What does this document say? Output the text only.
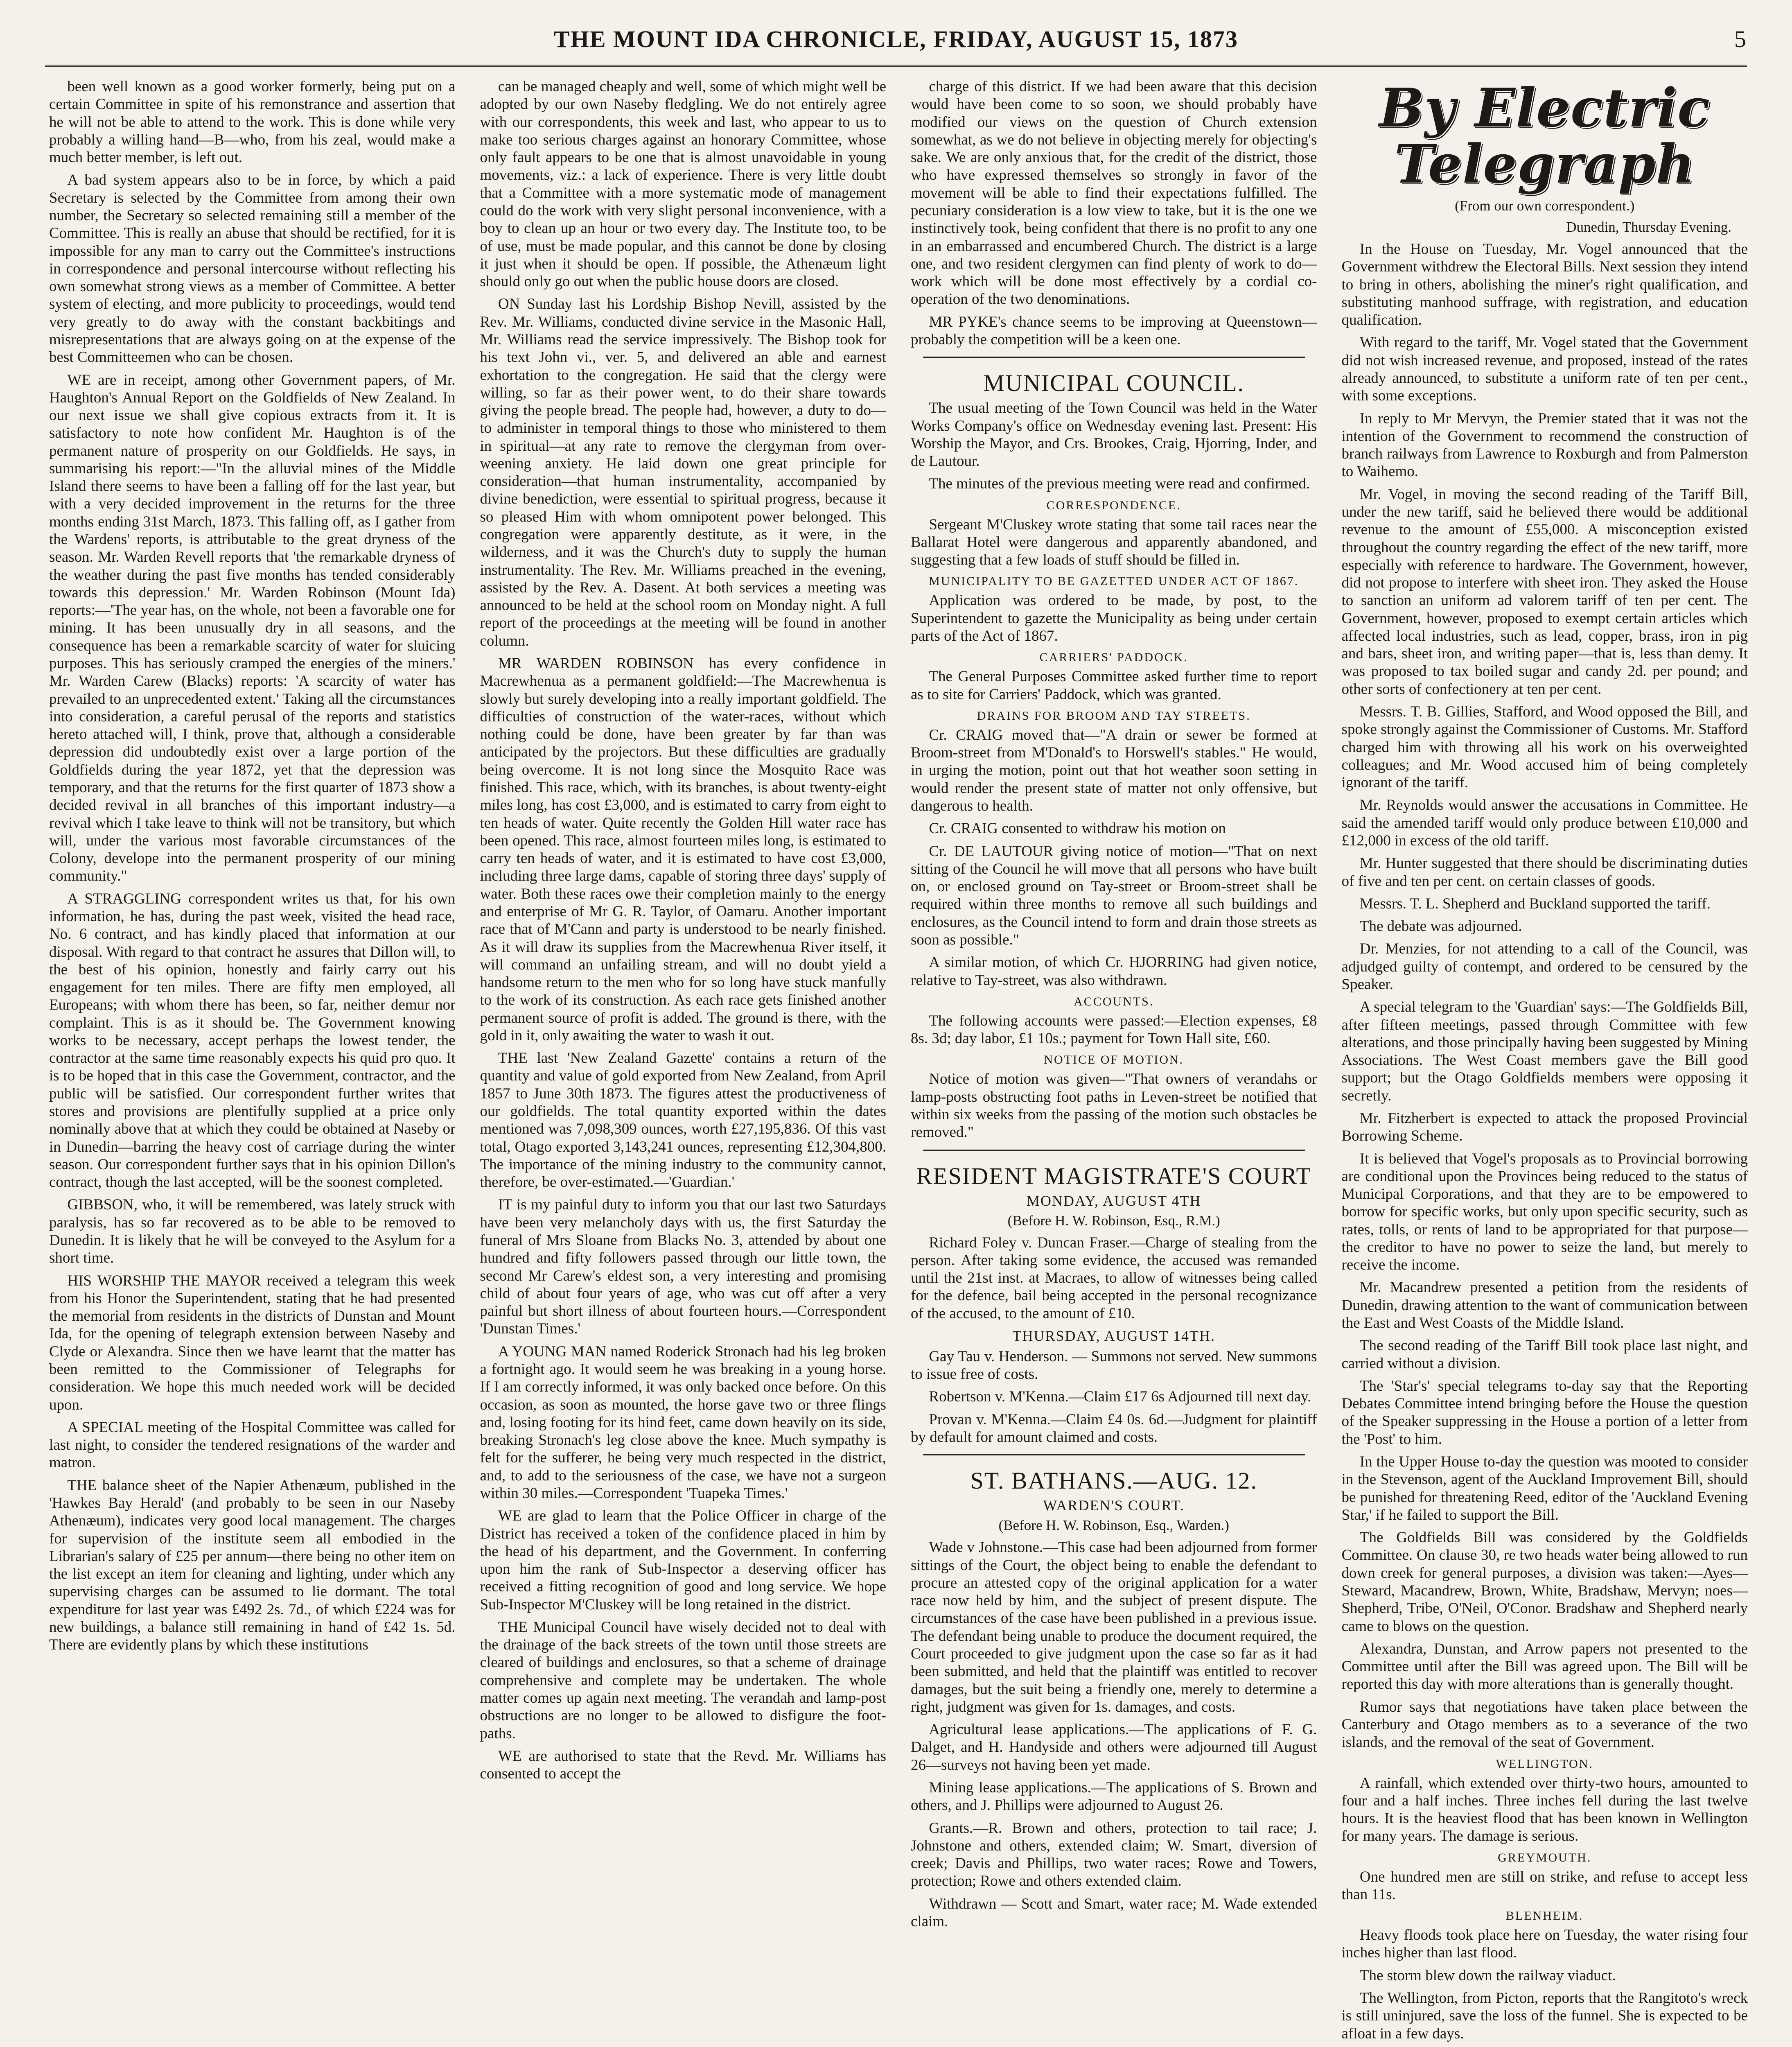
THE MOUNT IDA CHRONICLE, FRIDAY, AUGUST 15, 1873	5

been well known as a good worker formerly, being put on a certain Committee in spite of his remonstrance and assertion that he will not be able to attend to the work. This is done while very probably a willing hand—B—who, from his zeal, would make a much better member, is left out.

A bad system appears also to be in force, by which a paid Secretary is selected by the Committee from among their own number, the Secretary so selected remaining still a member of the Committee. This is really an abuse that should be rectified, for it is impossible for any man to carry out the Committee's instructions in correspondence and personal intercourse without reflecting his own somewhat strong views as a member of Committee. A better system of electing, and more publicity to proceedings, would tend very greatly to do away with the constant backbitings and misrepresentations that are always going on at the expense of the best Committeemen who can be chosen.

WE are in receipt, among other Government papers, of Mr. Haughton's Annual Report on the Goldfields of New Zealand. In our next issue we shall give copious extracts from it. It is satisfactory to note how confident Mr. Haughton is of the permanent nature of prosperity on our Goldfields. He says, in summarising his report:—"In the alluvial mines of the Middle Island there seems to have been a falling off for the last year, but with a very decided improvement in the returns for the three months ending 31st March, 1873. This falling off, as I gather from the Wardens' reports, is attributable to the great dryness of the season. Mr. Warden Revell reports that 'the remarkable dryness of the weather during the past five months has tended considerably towards this depression.' Mr. Warden Robinson (Mount Ida) reports:—'The year has, on the whole, not been a favorable one for mining. It has been unusually dry in all seasons, and the consequence has been a remarkable scarcity of water for sluicing purposes. This has seriously cramped the energies of the miners.' Mr. Warden Carew (Blacks) reports: 'A scarcity of water has prevailed to an unprecedented extent.' Taking all the circumstances into consideration, a careful perusal of the reports and statistics hereto attached will, I think, prove that, although a considerable depression did undoubtedly exist over a large portion of the Goldfields during the year 1872, yet that the depression was temporary, and that the returns for the first quarter of 1873 show a decided revival in all branches of this important industry—a revival which I take leave to think will not be transitory, but which will, under the various most favorable circumstances of the Colony, develope into the permanent prosperity of our mining community."

A STRAGGLING correspondent writes us that, for his own information, he has, during the past week, visited the head race, No. 6 contract, and has kindly placed that information at our disposal. With regard to that contract he assures that Dillon will, to the best of his opinion, honestly and fairly carry out his engagement for ten miles. There are fifty men employed, all Europeans; with whom there has been, so far, neither demur nor complaint. This is as it should be. The Government knowing works to be necessary, accept perhaps the lowest tender, the contractor at the same time reasonably expects his quid pro quo. It is to be hoped that in this case the Government, contractor, and the public will be satisfied. Our correspondent further writes that stores and provisions are plentifully supplied at a price only nominally above that at which they could be obtained at Naseby or in Dunedin—barring the heavy cost of carriage during the winter season. Our correspondent further says that in his opinion Dillon's contract, though the last accepted, will be the soonest completed.

GIBBSON, who, it will be remembered, was lately struck with paralysis, has so far recovered as to be able to be removed to Dunedin. It is likely that he will be conveyed to the Asylum for a short time.

HIS WORSHIP THE MAYOR received a telegram this week from his Honor the Superintendent, stating that he had presented the memorial from residents in the districts of Dunstan and Mount Ida, for the opening of telegraph extension between Naseby and Clyde or Alexandra. Since then we have learnt that the matter has been remitted to the Commissioner of Telegraphs for consideration. We hope this much needed work will be decided upon.

A SPECIAL meeting of the Hospital Committee was called for last night, to consider the tendered resignations of the warder and matron.

THE balance sheet of the Napier Athenæum, published in the 'Hawkes Bay Herald' (and probably to be seen in our Naseby Athenæum), indicates very good local management. The charges for supervision of the institute seem all embodied in the Librarian's salary of £25 per annum—there being no other item on the list except an item for cleaning and lighting, under which any supervising charges can be assumed to lie dormant. The total expenditure for last year was £492 2s. 7d., of which £224 was for new buildings, a balance still remaining in hand of £42 1s. 5d. There are evidently plans by which these institutions

can be managed cheaply and well, some of which might well be adopted by our own Naseby fledgling. We do not entirely agree with our correspondents, this week and last, who appear to us to make too serious charges against an honorary Committee, whose only fault appears to be one that is almost unavoidable in young movements, viz.: a lack of experience. There is very little doubt that a Committee with a more systematic mode of management could do the work with very slight personal inconvenience, with a boy to clean up an hour or two every day. The Institute too, to be of use, must be made popular, and this cannot be done by closing it just when it should be open. If possible, the Athenæum light should only go out when the public house doors are closed.

ON Sunday last his Lordship Bishop Nevill, assisted by the Rev. Mr. Williams, conducted divine service in the Masonic Hall, Mr. Williams read the service impressively. The Bishop took for his text John vi., ver. 5, and delivered an able and earnest exhortation to the congregation. He said that the clergy were willing, so far as their power went, to do their share towards giving the people bread. The people had, however, a duty to do—to administer in temporal things to those who ministered to them in spiritual—at any rate to remove the clergyman from over-weening anxiety. He laid down one great principle for consideration—that human instrumentality, accompanied by divine benediction, were essential to spiritual progress, because it so pleased Him with whom omnipotent power belonged. This congregation were apparently destitute, as it were, in the wilderness, and it was the Church's duty to supply the human instrumentality. The Rev. Mr. Williams preached in the evening, assisted by the Rev. A. Dasent. At both services a meeting was announced to be held at the school room on Monday night. A full report of the proceedings at the meeting will be found in another column.

MR WARDEN ROBINSON has every confidence in Macrewhenua as a permanent goldfield:—The Macrewhenua is slowly but surely developing into a really important goldfield. The difficulties of construction of the water-races, without which nothing could be done, have been greater by far than was anticipated by the projectors. But these difficulties are gradually being overcome. It is not long since the Mosquito Race was finished. This race, which, with its branches, is about twenty-eight miles long, has cost £3,000, and is estimated to carry from eight to ten heads of water. Quite recently the Golden Hill water race has been opened. This race, almost fourteen miles long, is estimated to carry ten heads of water, and it is estimated to have cost £3,000, including three large dams, capable of storing three days' supply of water. Both these races owe their completion mainly to the energy and enterprise of Mr G. R. Taylor, of Oamaru. Another important race that of M'Cann and party is understood to be nearly finished. As it will draw its supplies from the Macrewhenua River itself, it will command an unfailing stream, and will no doubt yield a handsome return to the men who for so long have stuck manfully to the work of its construction. As each race gets finished another permanent source of profit is added. The ground is there, with the gold in it, only awaiting the water to wash it out.

THE last 'New Zealand Gazette' contains a return of the quantity and value of gold exported from New Zealand, from April 1857 to June 30th 1873. The figures attest the productiveness of our goldfields. The total quantity exported within the dates mentioned was 7,098,309 ounces, worth £27,195,836. Of this vast total, Otago exported 3,143,241 ounces, representing £12,304,800. The importance of the mining industry to the community cannot, therefore, be over-estimated.—'Guardian.'

IT is my painful duty to inform you that our last two Saturdays have been very melancholy days with us, the first Saturday the funeral of Mrs Sloane from Blacks No. 3, attended by about one hundred and fifty followers passed through our little town, the second Mr Carew's eldest son, a very interesting and promising child of about four years of age, who was cut off after a very painful but short illness of about fourteen hours.—Correspondent 'Dunstan Times.'

A YOUNG MAN named Roderick Stronach had his leg broken a fortnight ago. It would seem he was breaking in a young horse. If I am correctly informed, it was only backed once before. On this occasion, as soon as mounted, the horse gave two or three flings and, losing footing for its hind feet, came down heavily on its side, breaking Stronach's leg close above the knee. Much sympathy is felt for the sufferer, he being very much respected in the district, and, to add to the seriousness of the case, we have not a surgeon within 30 miles.—Correspondent 'Tuapeka Times.'

WE are glad to learn that the Police Officer in charge of the District has received a token of the confidence placed in him by the head of his department, and the Government. In conferring upon him the rank of Sub-Inspector a deserving officer has received a fitting recognition of good and long service. We hope Sub-Inspector M'Cluskey will be long retained in the district.

THE Municipal Council have wisely decided not to deal with the drainage of the back streets of the town until those streets are cleared of buildings and enclosures, so that a scheme of drainage comprehensive and complete may be undertaken. The whole matter comes up again next meeting. The verandah and lamp-post obstructions are no longer to be allowed to disfigure the foot-paths.

WE are authorised to state that the Revd. Mr. Williams has consented to accept the

charge of this district. If we had been aware that this decision would have been come to so soon, we should probably have modified our views on the question of Church extension somewhat, as we do not believe in objecting merely for objecting's sake. We are only anxious that, for the credit of the district, those who have expressed themselves so strongly in favor of the movement will be able to find their expectations fulfilled. The pecuniary consideration is a low view to take, but it is the one we instinctively took, being confident that there is no profit to any one in an embarrassed and encumbered Church. The district is a large one, and two resident clergymen can find plenty of work to do—work which will be done most effectively by a cordial co-operation of the two denominations.

MR PYKE's chance seems to be improving at Queenstown—probably the competition will be a keen one.

MUNICIPAL COUNCIL.

The usual meeting of the Town Council was held in the Water Works Company's office on Wednesday evening last. Present: His Worship the Mayor, and Crs. Brookes, Craig, Hjorring, Inder, and de Lautour.

The minutes of the previous meeting were read and confirmed.

CORRESPONDENCE.

Sergeant M'Cluskey wrote stating that some tail races near the Ballarat Hotel were dangerous and apparently abandoned, and suggesting that a few loads of stuff should be filled in.

MUNICIPALITY TO BE GAZETTED UNDER ACT OF 1867.

Application was ordered to be made, by post, to the Superintendent to gazette the Municipality as being under certain parts of the Act of 1867.

CARRIERS' PADDOCK.

The General Purposes Committee asked further time to report as to site for Carriers' Paddock, which was granted.

DRAINS FOR BROOM AND TAY STREETS.

Cr. CRAIG moved that—"A drain or sewer be formed at Broom-street from M'Donald's to Horswell's stables." He would, in urging the motion, point out that hot weather soon setting in would render the present state of matter not only offensive, but dangerous to health.

Cr. CRAIG consented to withdraw his motion on

Cr. DE LAUTOUR giving notice of motion—"That on next sitting of the Council he will move that all persons who have built on, or enclosed ground on Tay-street or Broom-street shall be required within three months to remove all such buildings and enclosures, as the Council intend to form and drain those streets as soon as possible."

A similar motion, of which Cr. HJORRING had given notice, relative to Tay-street, was also withdrawn.

ACCOUNTS.

The following accounts were passed:—Election expenses, £8 8s. 3d; day labor, £1 10s.; payment for Town Hall site, £60.

NOTICE OF MOTION.

Notice of motion was given—"That owners of verandahs or lamp-posts obstructing foot paths in Leven-street be notified that within six weeks from the passing of the motion such obstacles be removed."

RESIDENT MAGISTRATE'S COURT
MONDAY, AUGUST 4TH
(Before H. W. Robinson, Esq., R.M.)

Richard Foley v. Duncan Fraser.—Charge of stealing from the person. After taking some evidence, the accused was remanded until the 21st inst. at Macraes, to allow of witnesses being called for the defence, bail being accepted in the personal recognizance of the accused, to the amount of £10.

THURSDAY, AUGUST 14TH.

Gay Tau v. Henderson. — Summons not served. New summons to issue free of costs.

Robertson v. M'Kenna.—Claim £17 6s Adjourned till next day.

Provan v. M'Kenna.—Claim £4 0s. 6d.—Judgment for plaintiff by default for amount claimed and costs.

ST. BATHANS.—AUG. 12.
WARDEN'S COURT.
(Before H. W. Robinson, Esq., Warden.)

Wade v Johnstone.—This case had been adjourned from former sittings of the Court, the object being to enable the defendant to procure an attested copy of the original application for a water race now held by him, and the subject of present dispute. The circumstances of the case have been published in a previous issue. The defendant being unable to produce the document required, the Court proceeded to give judgment upon the case so far as it had been submitted, and held that the plaintiff was entitled to recover damages, but the suit being a friendly one, merely to determine a right, judgment was given for 1s. damages, and costs.

Agricultural lease applications.—The applications of F. G. Dalget, and H. Handyside and others were adjourned till August 26—surveys not having been yet made.

Mining lease applications.—The applications of S. Brown and others, and J. Phillips were adjourned to August 26.

Grants.—R. Brown and others, protection to tail race; J. Johnstone and others, extended claim; W. Smart, diversion of creek; Davis and Phillips, two water races; Rowe and Towers, protection; Rowe and others extended claim.

Withdrawn — Scott and Smart, water race; M. Wade extended claim.

By Electric Telegraph
(From our own correspondent.)
Dunedin, Thursday Evening.

In the House on Tuesday, Mr. Vogel announced that the Government withdrew the Electoral Bills. Next session they intend to bring in others, abolishing the miner's right qualification, and substituting manhood suffrage, with registration, and education qualification.

With regard to the tariff, Mr. Vogel stated that the Government did not wish increased revenue, and proposed, instead of the rates already announced, to substitute a uniform rate of ten per cent., with some exceptions.

In reply to Mr Mervyn, the Premier stated that it was not the intention of the Government to recommend the construction of branch railways from Lawrence to Roxburgh and from Palmerston to Waihemo.

Mr. Vogel, in moving the second reading of the Tariff Bill, under the new tariff, said he believed there would be additional revenue to the amount of £55,000. A misconception existed throughout the country regarding the effect of the new tariff, more especially with reference to hardware. The Government, however, did not propose to interfere with sheet iron. They asked the House to sanction an uniform ad valorem tariff of ten per cent. The Government, however, proposed to exempt certain articles which affected local industries, such as lead, copper, brass, iron in pig and bars, sheet iron, and writing paper—that is, less than demy. It was proposed to tax boiled sugar and candy 2d. per pound; and other sorts of confectionery at ten per cent.

Messrs. T. B. Gillies, Stafford, and Wood opposed the Bill, and spoke strongly against the Commissioner of Customs. Mr. Stafford charged him with throwing all his work on his overweighted colleagues; and Mr. Wood accused him of being completely ignorant of the tariff.

Mr. Reynolds would answer the accusations in Committee. He said the amended tariff would only produce between £10,000 and £12,000 in excess of the old tariff.

Mr. Hunter suggested that there should be discriminating duties of five and ten per cent. on certain classes of goods.

Messrs. T. L. Shepherd and Buckland supported the tariff.

The debate was adjourned.

Dr. Menzies, for not attending to a call of the Council, was adjudged guilty of contempt, and ordered to be censured by the Speaker.

A special telegram to the 'Guardian' says:—The Goldfields Bill, after fifteen meetings, passed through Committee with few alterations, and those principally having been suggested by Mining Associations. The West Coast members gave the Bill good support; but the Otago Goldfields members were opposing it secretly.

Mr. Fitzherbert is expected to attack the proposed Provincial Borrowing Scheme.

It is believed that Vogel's proposals as to Provincial borrowing are conditional upon the Provinces being reduced to the status of Municipal Corporations, and that they are to be empowered to borrow for specific works, but only upon specific security, such as rates, tolls, or rents of land to be appropriated for that purpose—the creditor to have no power to seize the land, but merely to receive the income.

Mr. Macandrew presented a petition from the residents of Dunedin, drawing attention to the want of communication between the East and West Coasts of the Middle Island.

The second reading of the Tariff Bill took place last night, and carried without a division.

The 'Star's' special telegrams to-day say that the Reporting Debates Committee intend bringing before the House the question of the Speaker suppressing in the House a portion of a letter from the 'Post' to him.

In the Upper House to-day the question was mooted to consider in the Stevenson, agent of the Auckland Improvement Bill, should be punished for threatening Reed, editor of the 'Auckland Evening Star,' if he failed to support the Bill.

The Goldfields Bill was considered by the Goldfields Committee. On clause 30, re two heads water being allowed to run down creek for general purposes, a division was taken:—Ayes—Steward, Macandrew, Brown, White, Bradshaw, Mervyn; noes—Shepherd, Tribe, O'Neil, O'Conor. Bradshaw and Shepherd nearly came to blows on the question.

Alexandra, Dunstan, and Arrow papers not presented to the Committee until after the Bill was agreed upon. The Bill will be reported this day with more alterations than is generally thought.

Rumor says that negotiations have taken place between the Canterbury and Otago members as to a severance of the two islands, and the removal of the seat of Government.

WELLINGTON.

A rainfall, which extended over thirty-two hours, amounted to four and a half inches. Three inches fell during the last twelve hours. It is the heaviest flood that has been known in Wellington for many years. The damage is serious.

GREYMOUTH.

One hundred men are still on strike, and refuse to accept less than 11s.

BLENHEIM.

Heavy floods took place here on Tuesday, the water rising four inches higher than last flood.

The storm blew down the railway viaduct.

The Wellington, from Picton, reports that the Rangitoto's wreck is still uninjured, save the loss of the funnel. She is expected to be afloat in a few days.
